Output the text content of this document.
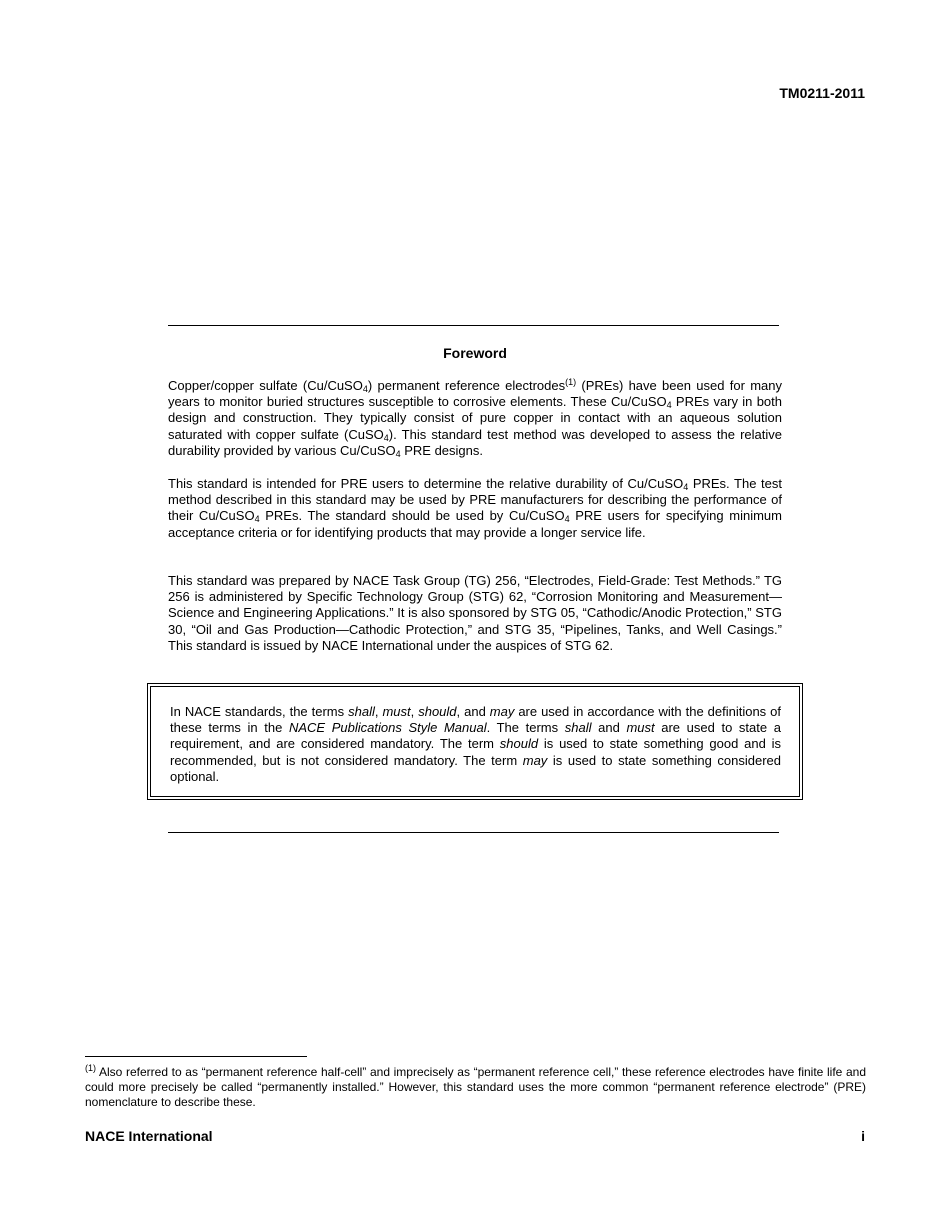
TM0211-2011
Foreword

Copper/copper sulfate (Cu/CuSO$_4$) permanent reference electrodes$^{(1)}$ (PREs) have been used for many years to monitor buried structures susceptible to corrosive elements. These Cu/CuSO$_4$ PREs vary in both design and construction. They typically consist of pure copper in contact with an aqueous solution saturated with copper sulfate (CuSO$_4$). This standard test method was developed to assess the relative durability provided by various Cu/CuSO$_4$ PRE designs.

This standard is intended for PRE users to determine the relative durability of Cu/CuSO$_4$ PREs. The test method described in this standard may be used by PRE manufacturers for describing the performance of their Cu/CuSO$_4$ PREs. The standard should be used by Cu/CuSO$_4$ PRE users for specifying minimum acceptance criteria or for identifying products that may provide a longer service life.

This standard was prepared by NACE Task Group (TG) 256, “Electrodes, Field-Grade: Test Methods.” TG 256 is administered by Specific Technology Group (STG) 62, “Corrosion Monitoring and Measurement—Science and Engineering Applications.” It is also sponsored by STG 05, “Cathodic/Anodic Protection,” STG 30, “Oil and Gas Production—Cathodic Protection,” and STG 35, “Pipelines, Tanks, and Well Casings.” This standard is issued by NACE International under the auspices of STG 62.

In NACE standards, the terms shall, must, should, and may are used in accordance with the definitions of these terms in the NACE Publications Style Manual. The terms shall and must are used to state a requirement, and are considered mandatory. The term should is used to state something good and is recommended, but is not considered mandatory. The term may is used to state something considered optional.

$^{(1)}$ Also referred to as “permanent reference half-cell” and imprecisely as “permanent reference cell,” these reference electrodes have finite life and could more precisely be called “permanently installed.” However, this standard uses the more common “permanent reference electrode” (PRE) nomenclature to describe these.

NACE International	i
